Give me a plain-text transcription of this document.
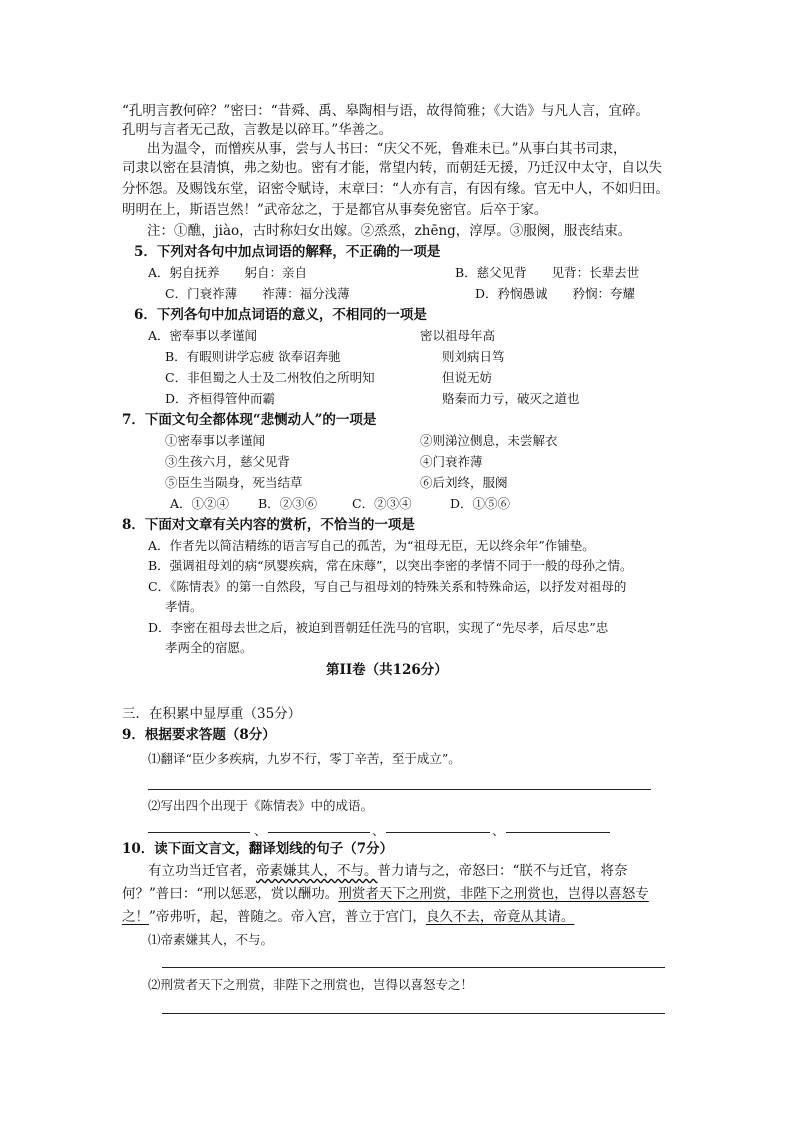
“孔明言教何碎？”密曰：“昔舜、禹、皋陶相与语，故得简雅；《大诰》与凡人言，宜碎。
孔明与言者无己敌，言教是以碎耳。”华善之。
出为温令，而憎疾从事，尝与人书曰：“庆父不死，鲁难未已。”从事白其书司隶，
司隶以密在县清慎，弗之劾也。密有才能，常望内转，而朝廷无援，乃迁汉中太守，自以失
分怀怨。及赐饯东堂，诏密令赋诗，末章曰：“人亦有言，有因有缘。官无中人，不如归田。
明明在上，斯语岂然！”武帝忿之，于是都官从事奏免密官。后卒于家。
注：①醮，jiào，古时称妇女出嫁。②烝烝，zhēng，淳厚。③服阕，服丧结束。
5．下列对各句中加点词语的解释，不正确的一项是
A．躬自抚养　　躬自：亲自	B．慈父见背　　见背：长辈去世
C．门衰祚薄　　祚薄：福分浅薄	D．矜悯愚诚　　矜悯：夸耀
6．下列各句中加点词语的意义，不相同的一项是
A．密奉事以孝谨闻	密以祖母年高
B．有暇则讲学忘疲 欲奉诏奔驰	则刘病日笃
C．非但蜀之人士及二州牧伯之所明知	但说无妨
D．齐桓得管仲而霸	赂秦而力亏，破灭之道也
7．下面文句全都体现“悲恻动人”的一项是
①密奉事以孝谨闻	②则涕泣侧息，未尝解衣
③生孩六月，慈父见背	④门衰祚薄
⑤臣生当陨身，死当结草	⑥后刘终，服阕
A．①②④ B．②③⑥	C．②③④	D．①⑤⑥
8．下面对文章有关内容的赏析，不恰当的一项是
A．作者先以简洁精练的语言写自己的孤苦，为“祖母无臣，无以终余年”作铺垫。
B．强调祖母刘的病“夙婴疾病，常在床蓐”，以突出李密的孝情不同于一般的母孙之情。
C．《陈情表》的第一自然段，写自己与祖母刘的特殊关系和特殊命运，以抒发对祖母的
孝情。
D．李密在祖母去世之后，被迫到晋朝廷任洗马的官职，实现了“先尽孝，后尽忠”忠
孝两全的宿愿。
第II卷（共126分）
三．在积累中显厚重（35分）
9．根据要求答题（8分）
⑴翻译“臣少多疾病，九岁不行，零丁辛苦，至于成立”。
⑵写出四个出现于《陈情表》中的成语。
、	、	、
10．读下面文言文，翻译划线的句子（7分）
有立功当迁官者，帝素嫌其人，不与。普力请与之，帝怒曰：“朕不与迁官，将奈
何？”普曰：“刑以惩恶，赏以酬功。刑赏者天下之刑赏，非陛下之刑赏也，岂得以喜怒专
之！”帝弗听，起，普随之。帝入宫，普立于宫门，良久不去，帝竟从其请。
⑴帝素嫌其人，不与。
⑵刑赏者天下之刑赏，非陛下之刑赏也，岂得以喜怒专之！
